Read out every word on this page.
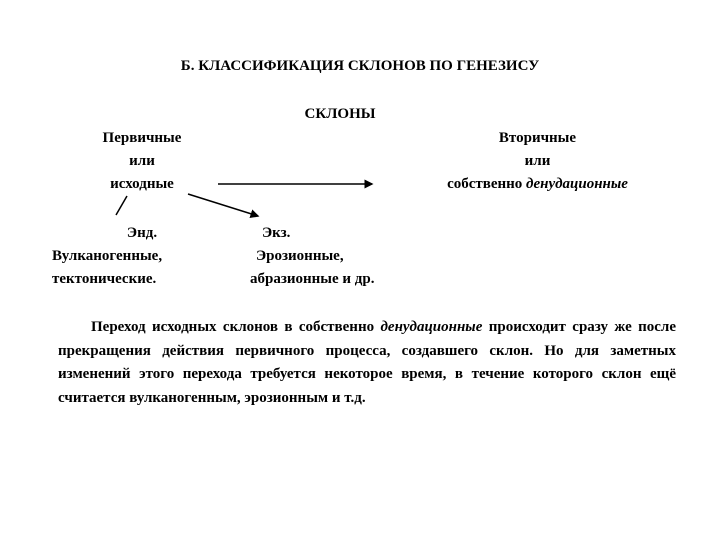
Б. КЛАССИФИКАЦИЯ СКЛОНОВ ПО ГЕНЕЗИСУ
СКЛОНЫ
Первичные
или
исходные
Вторичные
или
собственно денудационные
Энд.
Вулканогенные,
тектонические.
Экз.
Эрозионные,
абразионные и др.

Переход исходных склонов в собственно денудационные происходит сразу же после прекращения действия первичного процесса, создавшего склон. Но для заметных изменений этого перехода требуется некоторое время, в течение которого склон ещё считается вулканогенным, эрозионным и т.д.
